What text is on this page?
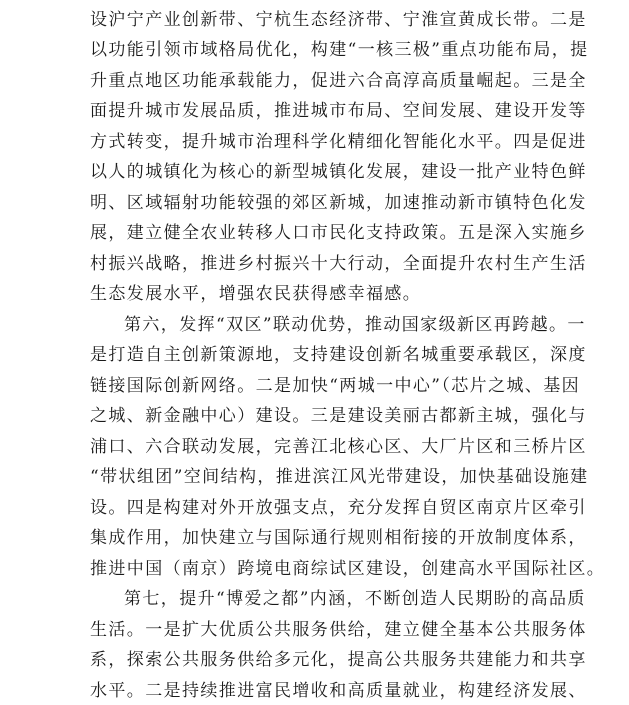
设沪宁产业创新带、宁杭生态经济带、宁淮宣黄成长带。二是
以功能引领市域格局优化，构建“一核三极”重点功能布局，提
升重点地区功能承载能力，促进六合高淳高质量崛起。三是全
面提升城市发展品质，推进城市布局、空间发展、建设开发等
方式转变，提升城市治理科学化精细化智能化水平。四是促进
以人的城镇化为核心的新型城镇化发展，建设一批产业特色鲜
明、区域辐射功能较强的郊区新城，加速推动新市镇特色化发
展，建立健全农业转移人口市民化支持政策。五是深入实施乡
村振兴战略，推进乡村振兴十大行动，全面提升农村生产生活
生态发展水平，增强农民获得感幸福感。
第六，发挥“双区”联动优势，推动国家级新区再跨越。一
是打造自主创新策源地，支持建设创新名城重要承载区，深度
链接国际创新网络。二是加快“两城一中心”（芯片之城、基因
之城、新金融中心）建设。三是建设美丽古都新主城，强化与
浦口、六合联动发展，完善江北核心区、大厂片区和三桥片区
“带状组团”空间结构，推进滨江风光带建设，加快基础设施建
设。四是构建对外开放强支点，充分发挥自贸区南京片区牵引
集成作用，加快建立与国际通行规则相衔接的开放制度体系，
推进中国（南京）跨境电商综试区建设，创建高水平国际社区。
第七，提升“博爱之都”内涵，不断创造人民期盼的高品质
生活。一是扩大优质公共服务供给，建立健全基本公共服务体
系，探索公共服务供给多元化，提高公共服务共建能力和共享
水平。二是持续推进富民增收和高质量就业，构建经济发展、
